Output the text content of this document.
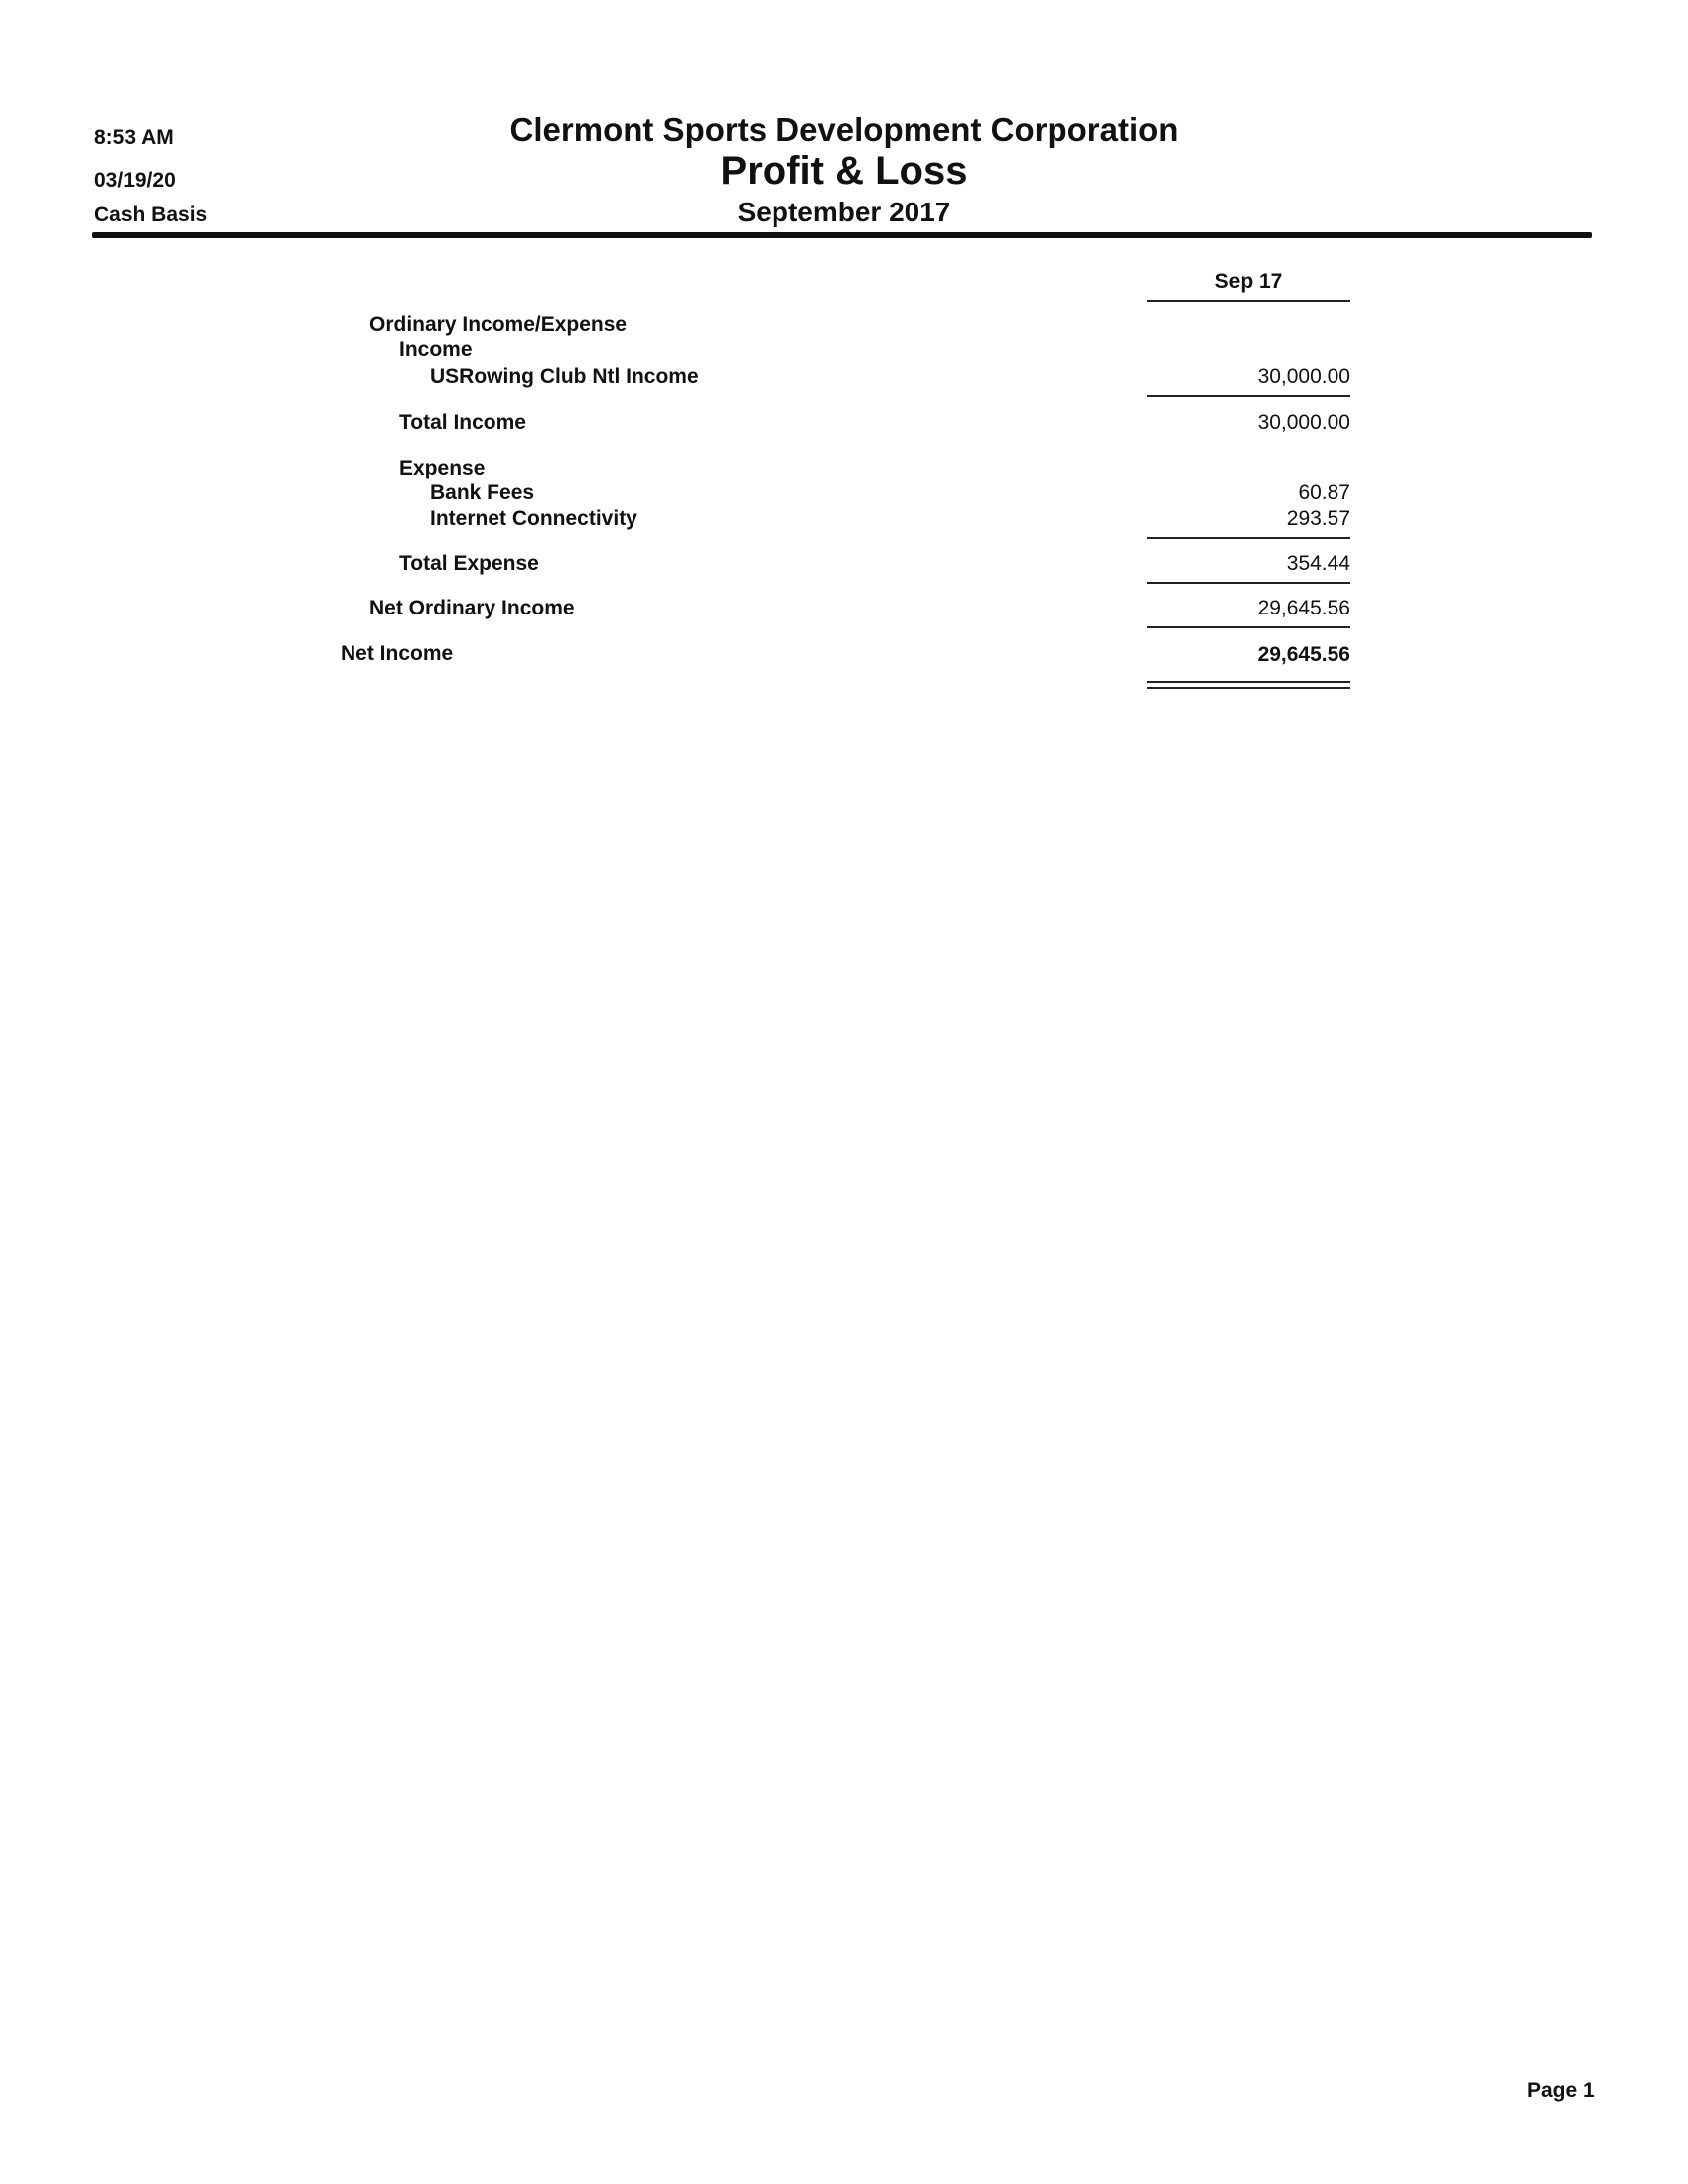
8:53 AM
03/19/20
Cash Basis
Clermont Sports Development Corporation
Profit & Loss
September 2017
Sep 17
Ordinary Income/Expense
Income
USRowing Club Ntl Income	30,000.00
Total Income	30,000.00
Expense
Bank Fees	60.87
Internet Connectivity	293.57
Total Expense	354.44
Net Ordinary Income	29,645.56
Net Income	29,645.56
Page 1
